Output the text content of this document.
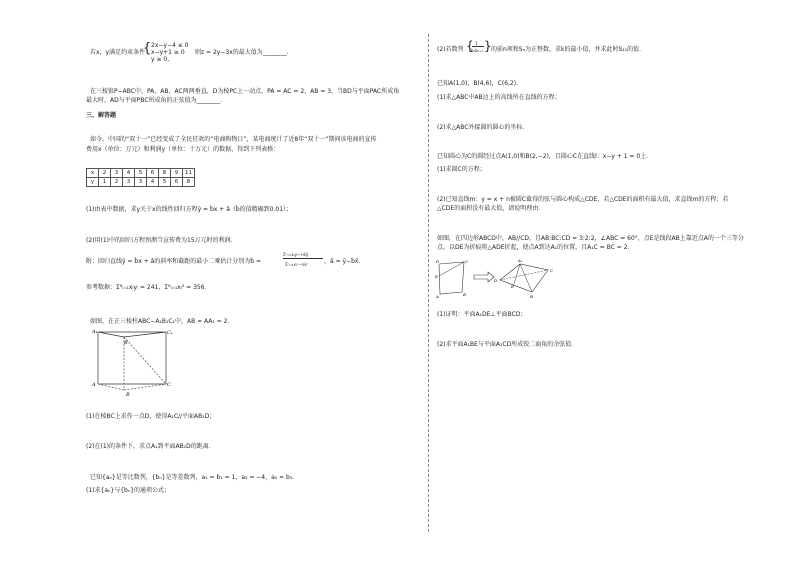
若x，y满足约束条件
{ 2x−y−4 ≤ 0
x−y+1 ≥ 0
y ≥ 0,
则z = 2y−3x的最大值为________.
在三棱锥P−ABC中，PA，AB，AC两两垂直，D为棱PC上一动点，PA = AC = 2，AB = 3，当BD与平面PAC所成角
最大时，AD与平面PBC所成角的正弦值为________.
三、解答题
如今，中国的“双十一”已经变成了全民狂欢的“电商购物日”，某电商统计了近8年“双十一”期间该电商的宣传
费用x（单位：万元）和利润y（单位：十万元）的数据，得到下列表格：
x	2	3	4	5	6	8	9	11
y	1	2	3	3	4	5	6	8
(1)由表中数据，求y关于x的线性回归方程ŷ = b̂x + â（b̂的值精确到0.01）；
(2)用(1)中的回归方程预测当宣传费为15万元时的利润．
附：回归直线ŷ = b̂x + â的斜率和截距的最小二乘估计分别为b̂ =
Σⁿᵢ₌₁xᵢyᵢ−nx̄ȳ
Σⁿᵢ₌₁xᵢ²−nx̄²	，â = ȳ−b̂x̄．
参考数据：Σ⁸ᵢ₌₁xᵢyᵢ = 241，Σ⁸ᵢ₌₁xᵢ² = 356．
如图，在正三棱柱ABC−A₁B₁C₁中，AB = AA₁ = 2．
A₁
B
C₁
A
B
C
(1)在棱BC上求作一点D，使得A₁C//平面AB₁D；
(2)在(1)的条件下，求点A₁到平面AB₁D的距离．
已知{aₙ}是等比数列，{bₙ}是等差数列，a₁ = b₁ = 1，a₃ = −4，a₅ = b₅．
(1)求{aₙ}与{bₙ}的通项公式；
(2)若数列 { 1
bₙbₙ₊₁ } 的前n项和Sₙ为正整数，求k的最小值，并求此时S₂₁的值．
已知A(1,0)，B(4,6)，C(6,2)．
(1)求△ABC中AB边上的高线所在直线的方程；
(2)求△ABC外接圆的圆心的坐标．
已知圆心为C的圆经过点A(1,0)和B(2,−2)，且圆心C在直线l：x−y + 1 = 0上．
(1)求圆C的方程；
(2)已知直线m：y = x + n被圆C截得的弦与圆心构成△CDE，若△CDE的面积有最大值，求直线m的方程；若
△CDE的面积没有最大值，请说明理由．
如图，在四边形ABCD中，AB//CD，且AB:BC:CD = 3:2:2，∠ABC = 60°，点E是线段AB上靠近点A的一个三等分
点，以DE为折痕将△ADE折起，使点A到达A₁的位置，且A₁C = BC = 2．
D	C
E
A	B
A₁
C
B
D
E
(1)证明：平面A₁DE⊥平面BCD；
(2)求平面A₁BE与平面A₁CD所成锐二面角的余弦值．
